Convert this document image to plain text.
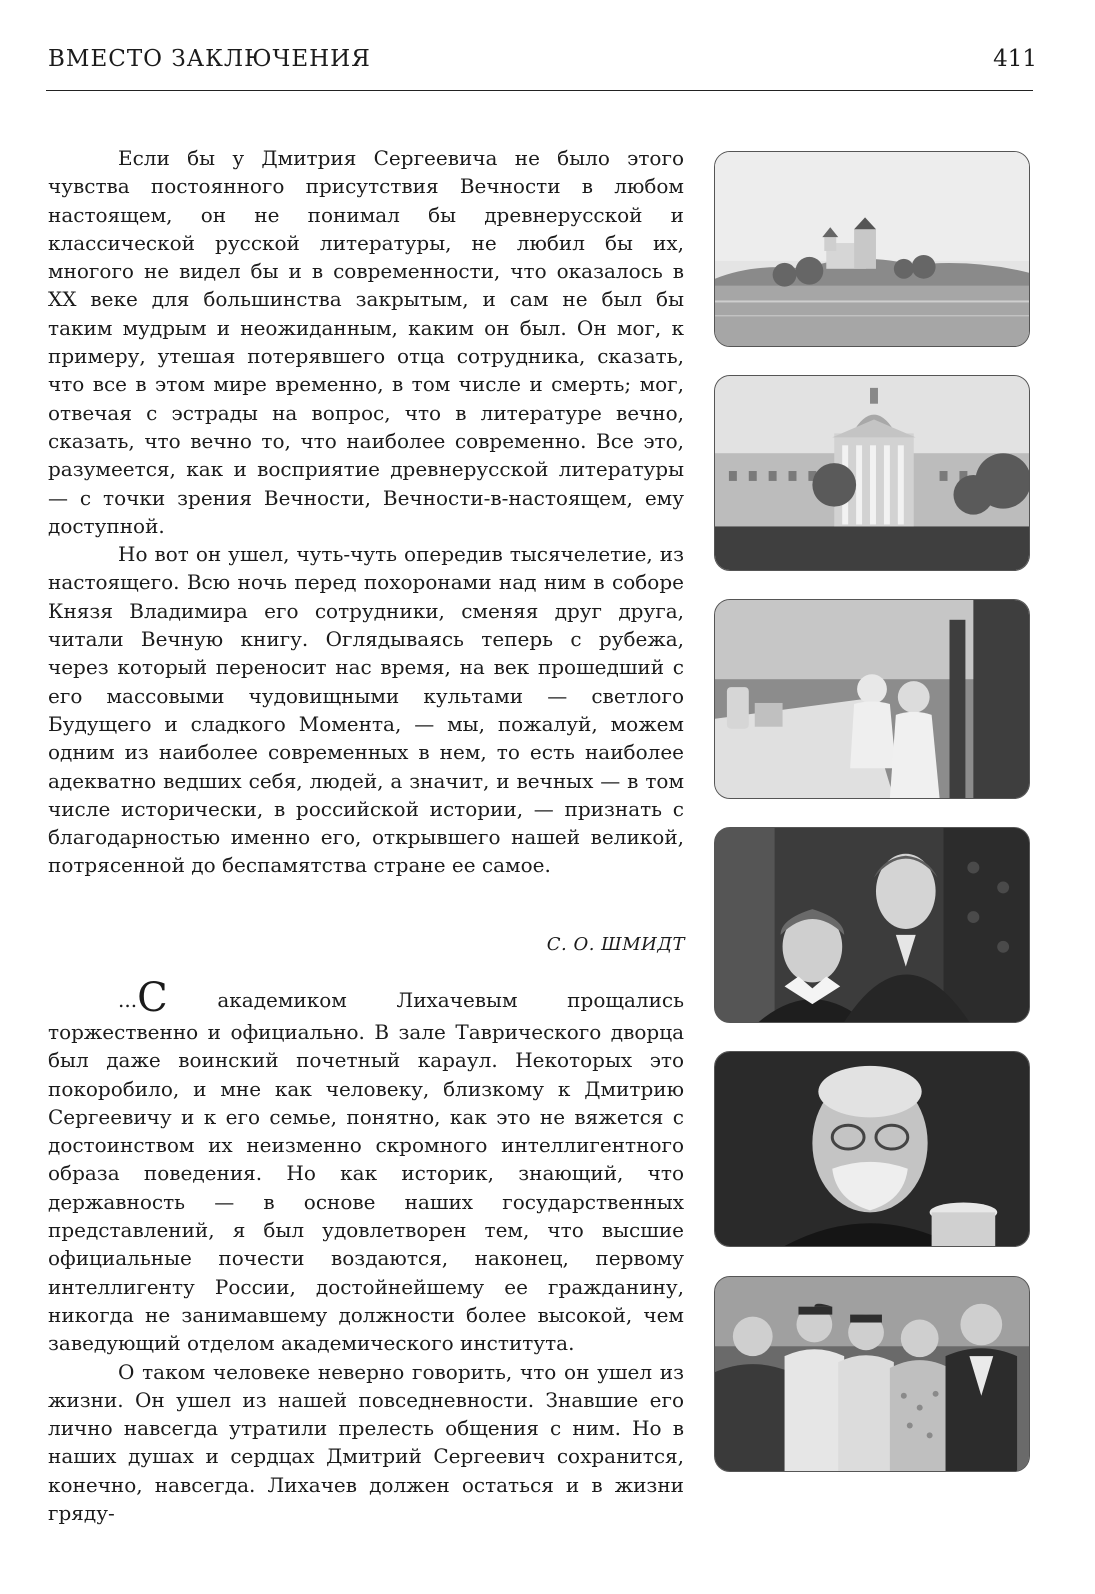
ВМЕСТО ЗАКЛЮЧЕНИЯ	411

Если бы у Дмитрия Сергеевича не было этого чувства постоянного присутствия Вечности в любом настоящем, он не понимал бы древнерусской и классической русской литературы, не любил бы их, многого не видел бы и в современности, что оказалось в XX веке для большинства закрытым, и сам не был бы таким мудрым и неожиданным, каким он был. Он мог, к примеру, утешая потерявшего отца сотрудника, сказать, что все в этом мире временно, в том числе и смерть; мог, отвечая с эстрады на вопрос, что в литературе вечно, сказать, что вечно то, что наиболее современно. Все это, разумеется, как и восприятие древнерусской литературы — с точки зрения Вечности, Вечности-в-настоящем, ему доступной.

Но вот он ушел, чуть-чуть опередив тысячелетие, из настоящего. Всю ночь перед похоронами над ним в соборе Князя Владимира его сотрудники, сменяя друг друга, читали Вечную книгу. Оглядываясь теперь с рубежа, через который переносит нас время, на век прошедший с его массовыми чудовищными культами — светлого Будущего и сладкого Момента, — мы, пожалуй, можем одним из наиболее современных в нем, то есть наиболее адекватно ведших себя, людей, а значит, и вечных — в том числе исторически, в российской истории, — признать с благодарностью именно его, открывшего нашей великой, потрясенной до беспамятства стране ее самое.

С. О. ШМИДТ

...С академиком Лихачевым прощались торжественно и официально. В зале Таврического дворца был даже воинский почетный караул. Некоторых это покоробило, и мне как человеку, близкому к Дмитрию Сергеевичу и к его семье, понятно, как это не вяжется с достоинством их неизменно скромного интеллигентного образа поведения. Но как историк, знающий, что державность — в основе наших государственных представлений, я был удовлетворен тем, что высшие официальные почести воздаются, наконец, первому интеллигенту России, достойнейшему ее гражданину, никогда не занимавшему должности более высокой, чем заведующий отделом академического института.

О таком человеке неверно говорить, что он ушел из жизни. Он ушел из нашей повседневности. Знавшие его лично навсегда утратили прелесть общения с ним. Но в наших душах и сердцах Дмитрий Сергеевич сохранится, конечно, навсегда. Лихачев должен остаться и в жизни гряду-
